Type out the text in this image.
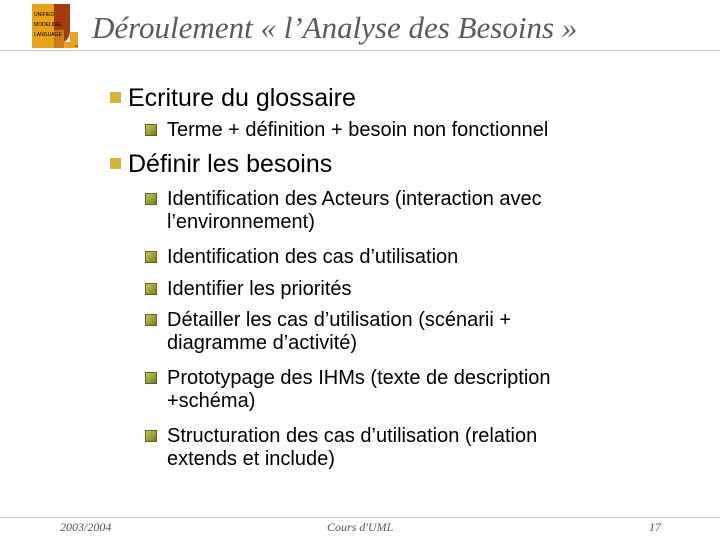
UNIFIED
MODELING
LANGUAGE
™
Déroulement « l’Analyse des Besoins »
Ecriture du glossaire
Terme + définition + besoin non fonctionnel
Définir les besoins
Identification des Acteurs (interaction avec
l’environnement)
Identification des cas d’utilisation
Identifier les priorités
Détailler les cas d’utilisation (scénarii +
diagramme d’activité)
Prototypage des IHMs (texte de description
+schéma)
Structuration des cas d’utilisation (relation
extends et include)
2003/2004	Cours d'UML	17
